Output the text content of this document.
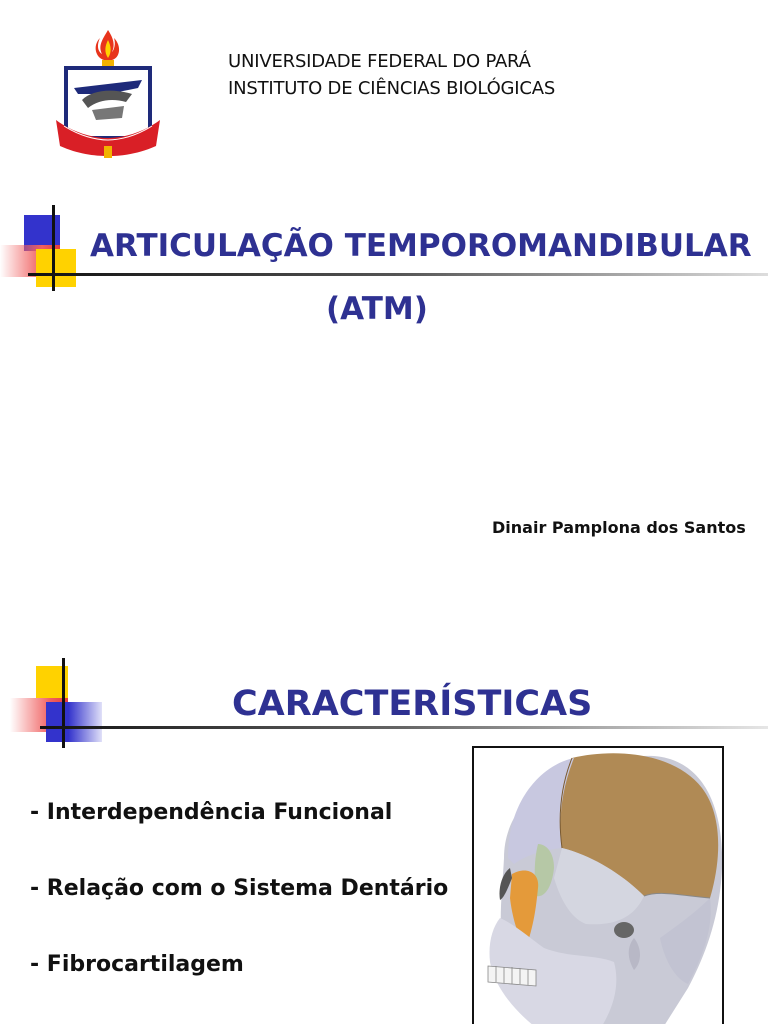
UNIVERSIDADE FEDERAL DO PARÁ
INSTITUTO DE CIÊNCIAS BIOLÓGICAS
ARTICULAÇÃO TEMPOROMANDIBULAR
(ATM)
Dinair Pamplona dos Santos
CARACTERÍSTICAS
- Interdependência Funcional
- Relação com o Sistema Dentário
- Fibrocartilagem
